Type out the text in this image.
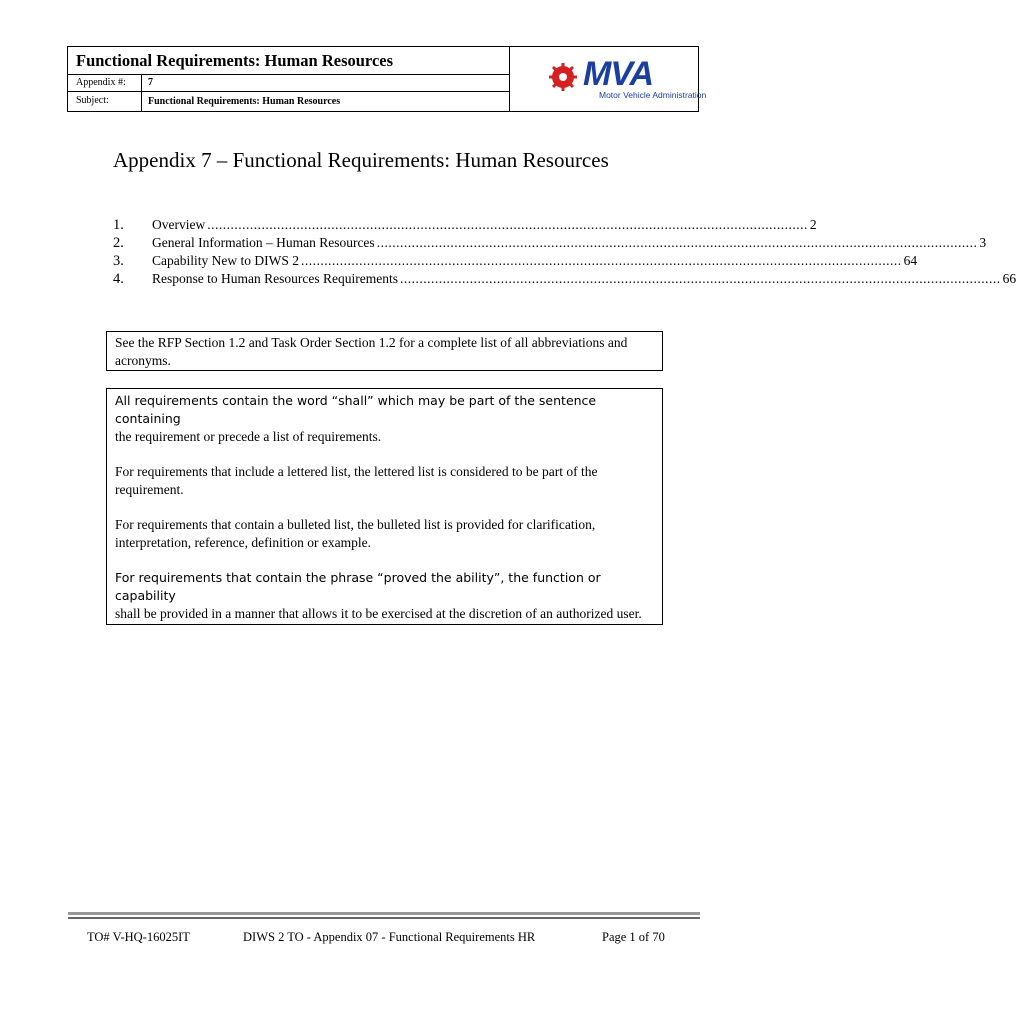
Functional Requirements: Human Resources
Appendix #: 7
Subject:	Functional Requirements: Human Resources
MVA
Motor Vehicle Administration
Appendix 7 – Functional Requirements: Human Resources
1. Overview ........................................................................................................................................................... 2
2. General Information – Human Resources ........................................................................................................................................................... 3
3. Capability New to DIWS 2 ........................................................................................................................................................... 64
4. Response to Human Resources Requirements ........................................................................................................................................................... 66
See the RFP Section 1.2 and Task Order Section 1.2 for a complete list of all abbreviations and acronyms.

All requirements contain the word “shall” which may be part of the sentence containing
the requirement or precede a list of requirements.

For requirements that include a lettered list, the lettered list is considered to be part of the requirement.

For requirements that contain a bulleted list, the bulleted list is provided for clarification, interpretation, reference, definition or example.

For requirements that contain the phrase “proved the ability”, the function or capability
shall be provided in a manner that allows it to be exercised at the discretion of an authorized user.

TO# V-HQ-16025IT	DIWS 2 TO - Appendix 07 - Functional Requirements HR	Page 1 of 70
